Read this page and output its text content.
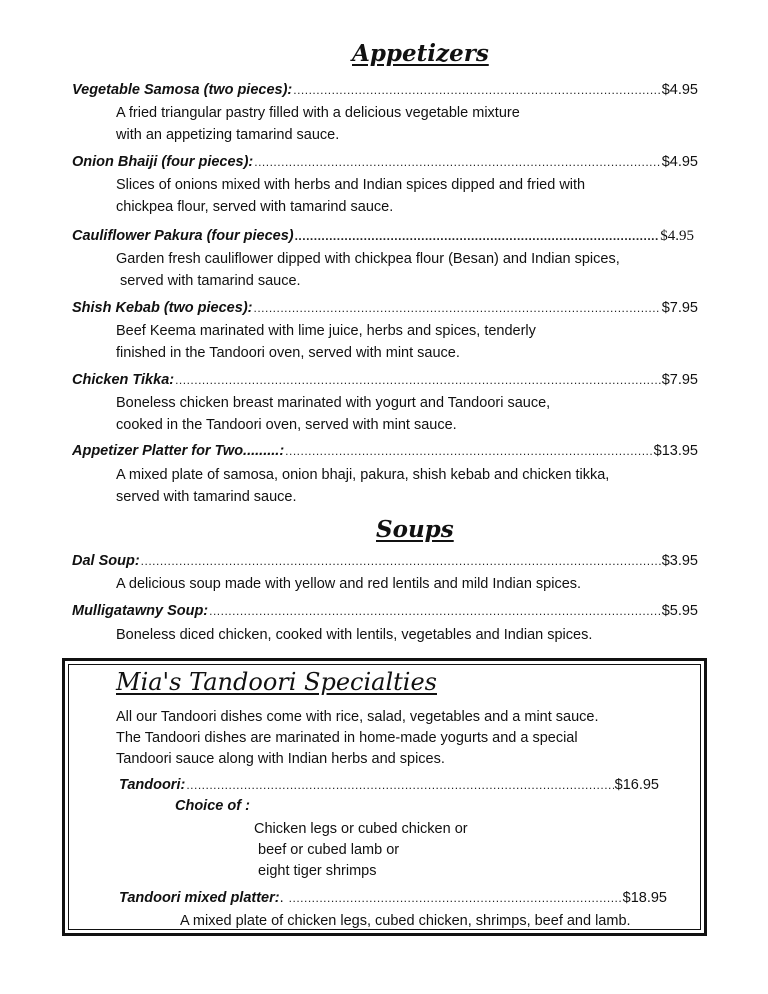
Appetizers
Vegetable Samosa (two pieces): .....	$4.95
A fried triangular pastry filled with a delicious vegetable mixture
with an appetizing tamarind sauce.
Onion Bhaiji (four pieces): .....	$4.95
Slices of onions mixed with herbs and Indian spices dipped and fried with
chickpea flour, served with tamarind sauce.
Cauliflower Pakura (four pieces) .....	$4.95
Garden fresh cauliflower dipped with chickpea flour (Besan) and Indian spices,
served with tamarind sauce.
Shish Kebab (two pieces): .....	$7.95
Beef Keema marinated with lime juice, herbs and spices, tenderly
finished in the Tandoori oven, served with mint sauce.
Chicken Tikka: .....	$7.95
Boneless chicken breast marinated with yogurt and Tandoori sauce,
cooked in the Tandoori oven, served with mint sauce.
Appetizer Platter for Two.........: .....	$13.95
A mixed plate of samosa, onion bhaji, pakura, shish kebab and chicken tikka,
served with tamarind sauce.
Soups
Dal Soup: .....	$3.95
A delicious soup made with yellow and red lentils and mild Indian spices.
Mulligatawny Soup: .....	$5.95
Boneless diced chicken, cooked with lentils, vegetables and Indian spices.
Mia's Tandoori Specialties
All our Tandoori dishes come with rice, salad, vegetables and a mint sauce.
The Tandoori dishes are marinated in home-made yogurts and a special
Tandoori sauce along with Indian herbs and spices.
Tandoori: .....	$16.95
Choice of :
Chicken legs or cubed chicken or
beef or cubed lamb or
eight tiger shrimps
Tandoori mixed platter: . .....	$18.95
A mixed plate of chicken legs, cubed chicken, shrimps, beef and lamb.
